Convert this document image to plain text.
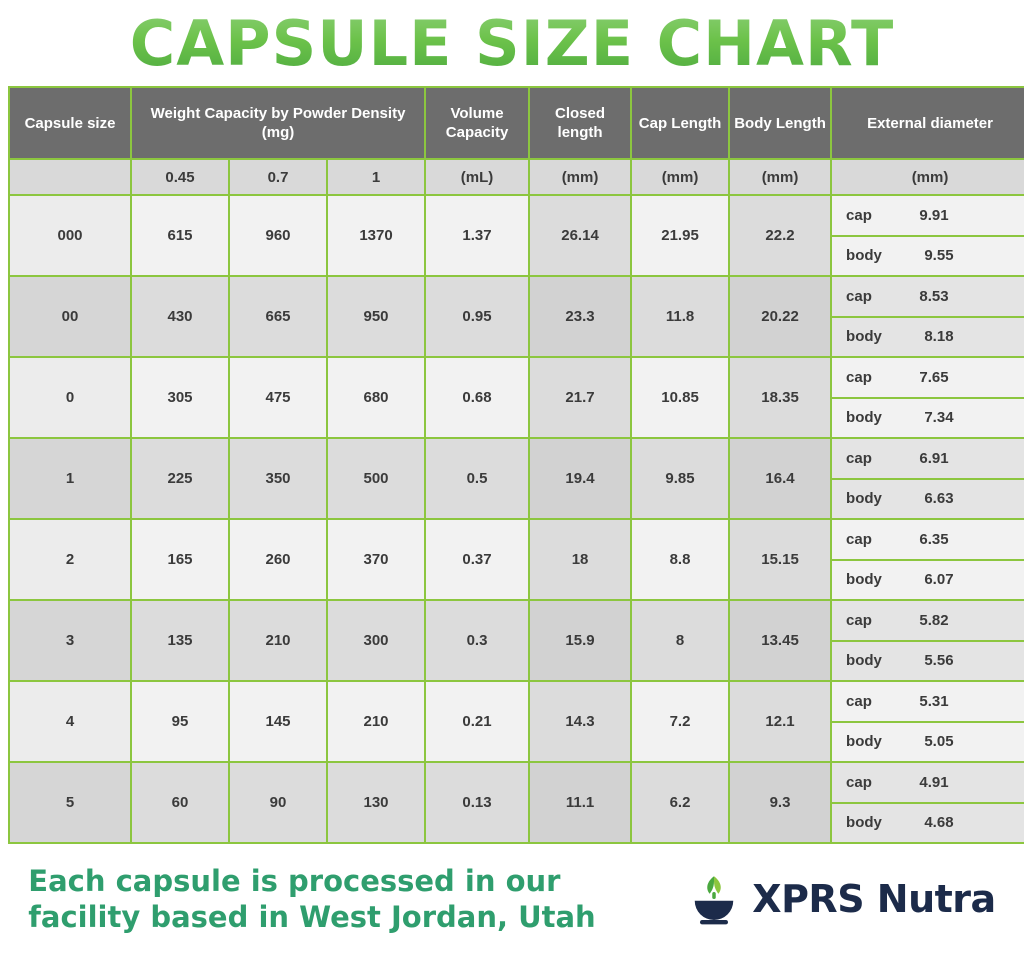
CAPSULE SIZE CHART
Capsule size	Weight Capacity by Powder Density (mg)			Volume Capacity	Closed length	Cap Length	Body Length	External diameter
	0.45	0.7	1	(mL)	(mm)	(mm)	(mm)	(mm)
000	615	960	1370	1.37	26.14	21.95	22.2	cap 9.91
body 9.55

00	430	665	950	0.95	23.3	11.8	20.22	cap 8.53
body 8.18

0	305	475	680	0.68	21.7	10.85	18.35	cap 7.65
body 7.34

1	225	350	500	0.5	19.4	9.85	16.4	cap 6.91
body 6.63

2	165	260	370	0.37	18	8.8	15.15	cap 6.35
body 6.07

3	135	210	300	0.3	15.9	8	13.45	cap 5.82
body 5.56

4	95	145	210	0.21	14.3	7.2	12.1	cap 5.31
body 5.05

5	60	90	130	0.13	11.1	6.2	9.3	cap 4.91
body 4.68
Each capsule is processed in our facility based in West Jordan, Utah	XPRS Nutra
